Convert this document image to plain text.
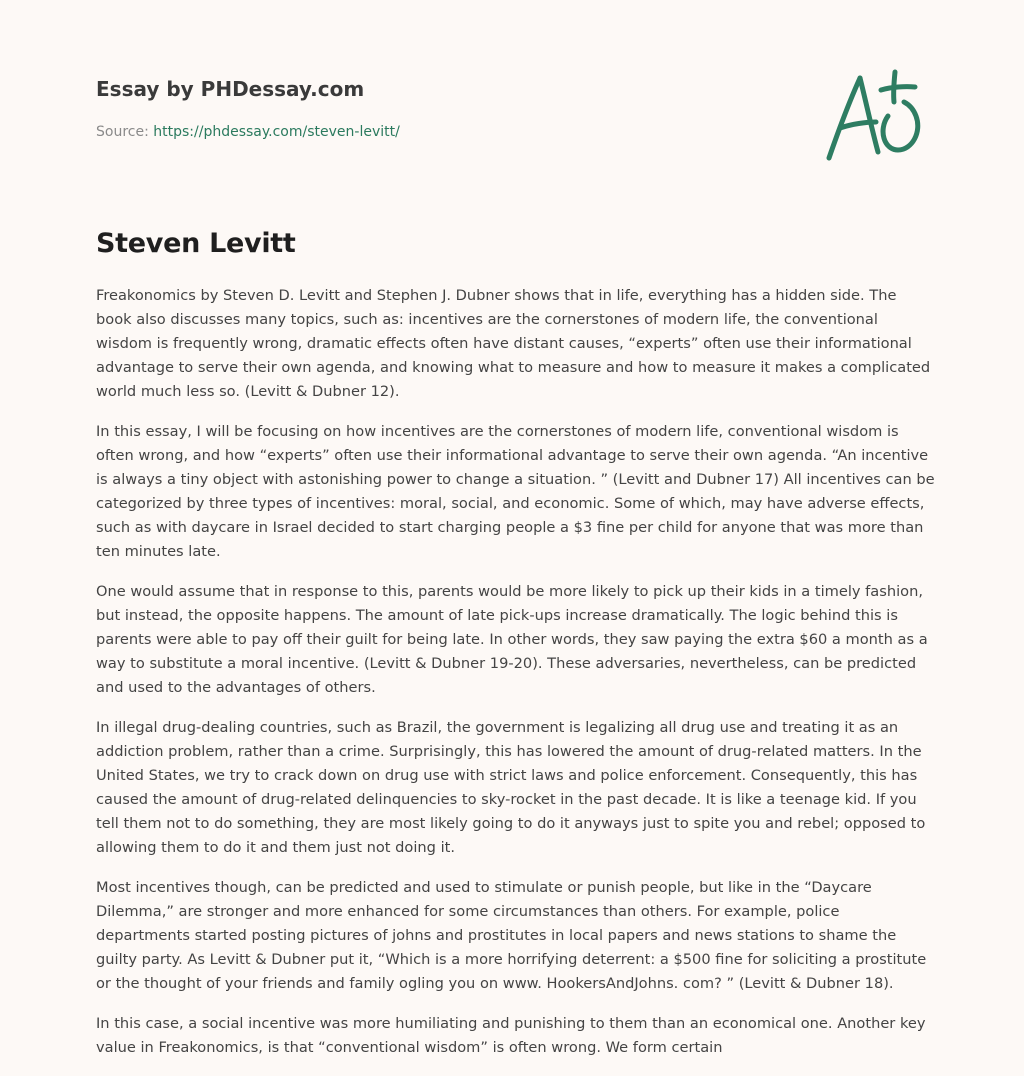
Essay by PHDessay.com
Source: https://phdessay.com/steven-levitt/
Steven Levitt

Freakonomics by Steven D. Levitt and Stephen J. Dubner shows that in life, everything has a hidden side. The book also discusses many topics, such as: incentives are the cornerstones of modern life, the conventional wisdom is frequently wrong, dramatic effects often have distant causes, “experts” often use their informational advantage to serve their own agenda, and knowing what to measure and how to measure it makes a complicated world much less so. (Levitt & Dubner 12).

In this essay, I will be focusing on how incentives are the cornerstones of modern life, conventional wisdom is often wrong, and how “experts” often use their informational advantage to serve their own agenda. “An incentive is always a tiny object with astonishing power to change a situation. ” (Levitt and Dubner 17) All incentives can be categorized by three types of incentives: moral, social, and economic. Some of which, may have adverse effects, such as with daycare in Israel decided to start charging people a $3 fine per child for anyone that was more than ten minutes late.

One would assume that in response to this, parents would be more likely to pick up their kids in a timely fashion, but instead, the opposite happens. The amount of late pick-ups increase dramatically. The logic behind this is parents were able to pay off their guilt for being late. In other words, they saw paying the extra $60 a month as a way to substitute a moral incentive. (Levitt & Dubner 19-20). These adversaries, nevertheless, can be predicted and used to the advantages of others.

In illegal drug-dealing countries, such as Brazil, the government is legalizing all drug use and treating it as an addiction problem, rather than a crime. Surprisingly, this has lowered the amount of drug-related matters. In the United States, we try to crack down on drug use with strict laws and police enforcement. Consequently, this has caused the amount of drug-related delinquencies to sky-rocket in the past decade. It is like a teenage kid. If you tell them not to do something, they are most likely going to do it anyways just to spite you and rebel; opposed to allowing them to do it and them just not doing it.

Most incentives though, can be predicted and used to stimulate or punish people, but like in the “Daycare Dilemma,” are stronger and more enhanced for some circumstances than others. For example, police departments started posting pictures of johns and prostitutes in local papers and news stations to shame the guilty party. As Levitt & Dubner put it, “Which is a more horrifying deterrent: a $500 fine for soliciting a prostitute or the thought of your friends and family ogling you on www. HookersAndJohns. com? ” (Levitt & Dubner 18).

In this case, a social incentive was more humiliating and punishing to them than an economical one. Another key value in Freakonomics, is that “conventional wisdom” is often wrong. We form certain
